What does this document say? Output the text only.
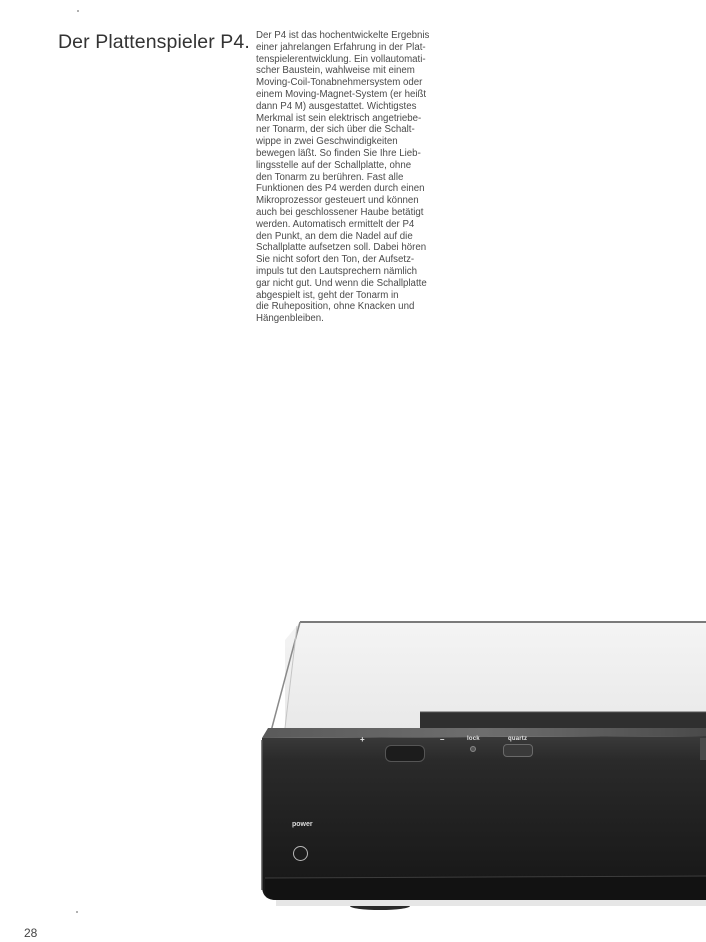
Der Plattenspieler P4. Der P4 ist das hochentwickelte Ergebnis
einer jahrelangen Erfahrung in der Plat-
tenspielerentwicklung. Ein vollautomati-
scher Baustein, wahlweise mit einem
Moving-Coil-Tonabnehmersystem oder
einem Moving-Magnet-System (er heißt
dann P4 M) ausgestattet. Wichtigstes
Merkmal ist sein elektrisch angetriebe-
ner Tonarm, der sich über die Schalt-
wippe in zwei Geschwindigkeiten
bewegen läßt. So finden Sie Ihre Lieb-
lingsstelle auf der Schallplatte, ohne
den Tonarm zu berühren. Fast alle
Funktionen des P4 werden durch einen
Mikroprozessor gesteuert und können
auch bei geschlossener Haube betätigt
werden. Automatisch ermittelt der P4
den Punkt, an dem die Nadel auf die
Schallplatte aufsetzen soll. Dabei hören
Sie nicht sofort den Ton, der Aufsetz-
impuls tut den Lautsprechern nämlich
gar nicht gut. Und wenn die Schallplatte
abgespielt ist, geht der Tonarm in
die Ruheposition, ohne Knacken und
Hängenbleiben.

+	–	lock	quartz
power
28
